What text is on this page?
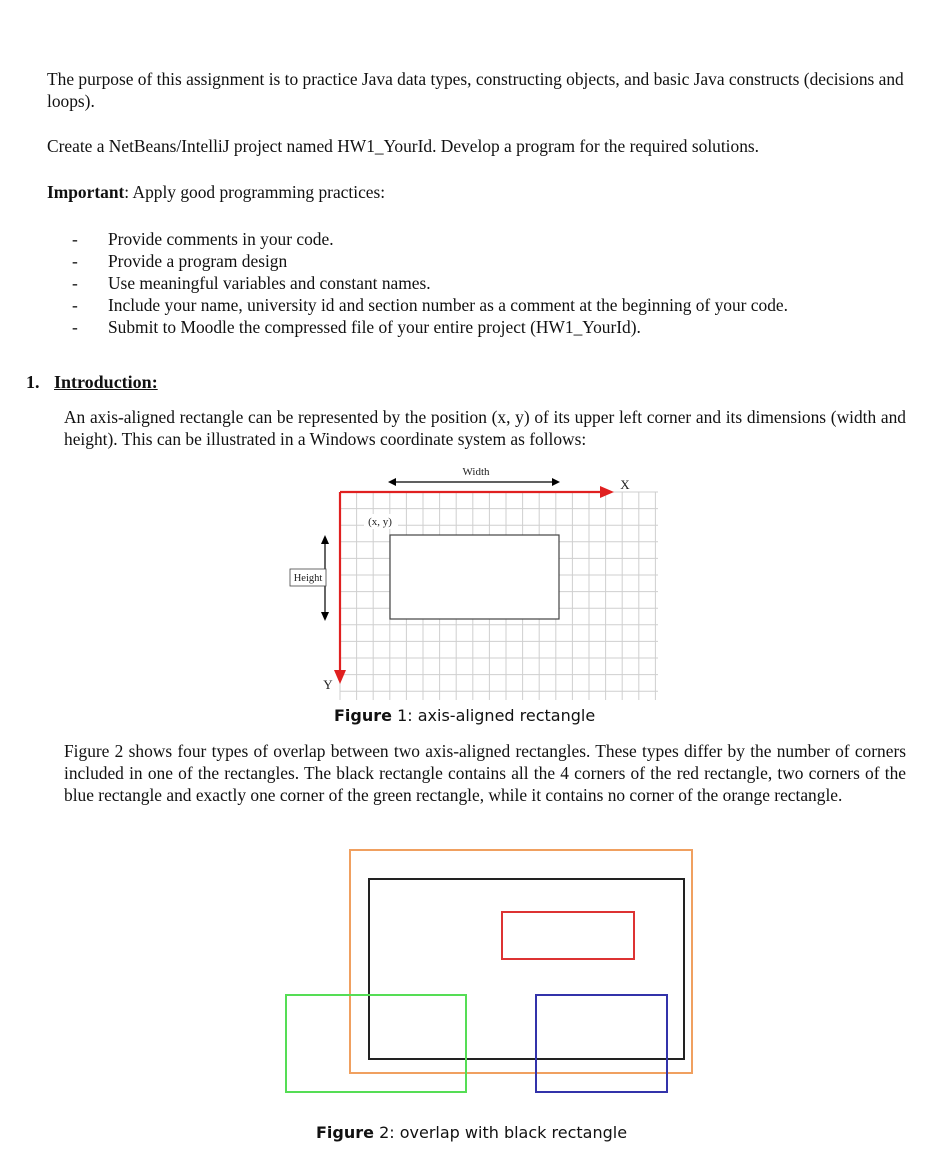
The purpose of this assignment is to practice Java data types, constructing objects, and basic Java constructs (decisions and loops).

Create a NetBeans/IntelliJ project named HW1_YourId. Develop a program for the required solutions.

Important: Apply good programming practices:

- Provide comments in your code.
- Provide a program design
- Use meaningful variables and constant names.
- Include your name, university id and section number as a comment at the beginning of your code.
- Submit to Moodle the compressed file of your entire project (HW1_YourId).
1. Introduction:

An axis-aligned rectangle can be represented by the position (x, y) of its upper left corner and its dimensions (width and height). This can be illustrated in a Windows coordinate system as follows:

Width
X
Y
Height
(x, y)
Figure 1: axis-aligned rectangle

Figure 2 shows four types of overlap between two axis-aligned rectangles. These types differ by the number of corners included in one of the rectangles. The black rectangle contains all the 4 corners of the red rectangle, two corners of the blue rectangle and exactly one corner of the green rectangle, while it contains no corner of the orange rectangle.

Figure 2: overlap with black rectangle
